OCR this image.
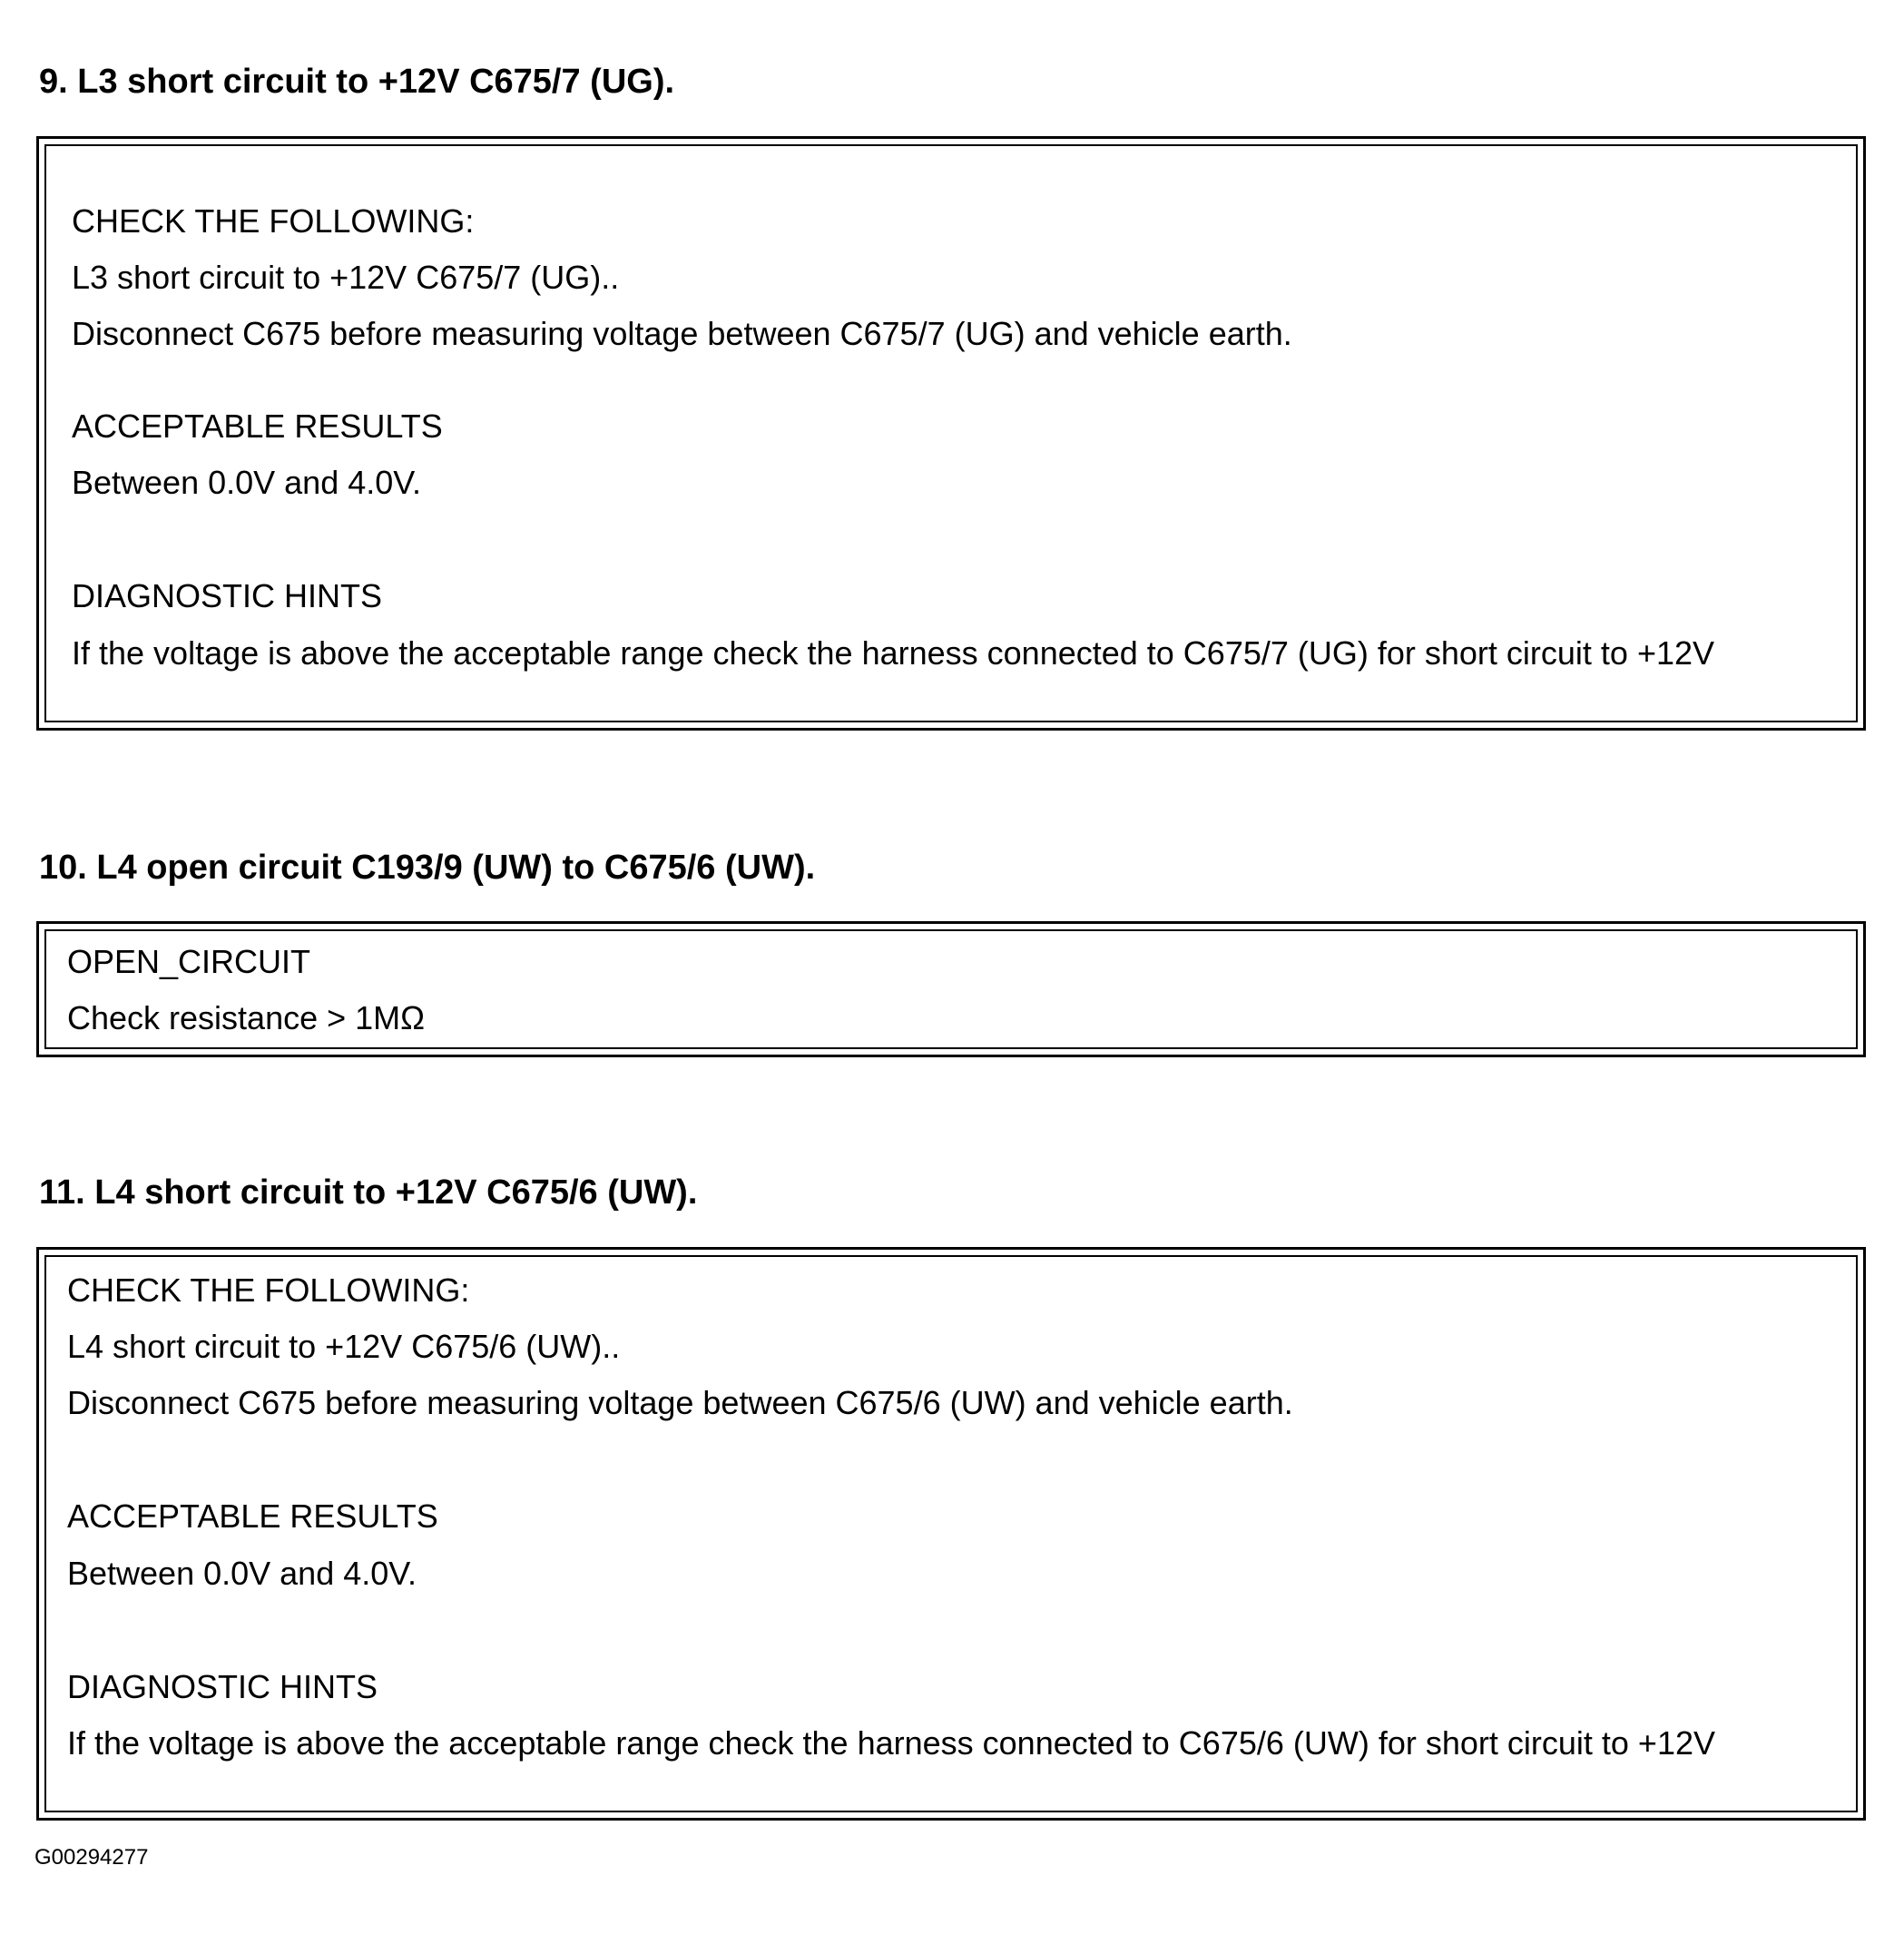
9. L3 short circuit to +12V C675/7 (UG).
CHECK THE FOLLOWING:
L3 short circuit to +12V C675/7 (UG)..
Disconnect C675 before measuring voltage between C675/7 (UG) and vehicle earth.
ACCEPTABLE RESULTS
Between 0.0V and 4.0V.
DIAGNOSTIC HINTS
If the voltage is above the acceptable range check the harness connected to C675/7 (UG) for short circuit to +12V
10. L4 open circuit C193/9 (UW) to C675/6 (UW).
OPEN_CIRCUIT
Check resistance > 1MΩ
11. L4 short circuit to +12V C675/6 (UW).
CHECK THE FOLLOWING:
L4 short circuit to +12V C675/6 (UW)..
Disconnect C675 before measuring voltage between C675/6 (UW) and vehicle earth.
ACCEPTABLE RESULTS
Between 0.0V and 4.0V.
DIAGNOSTIC HINTS
If the voltage is above the acceptable range check the harness connected to C675/6 (UW) for short circuit to +12V
G00294277
